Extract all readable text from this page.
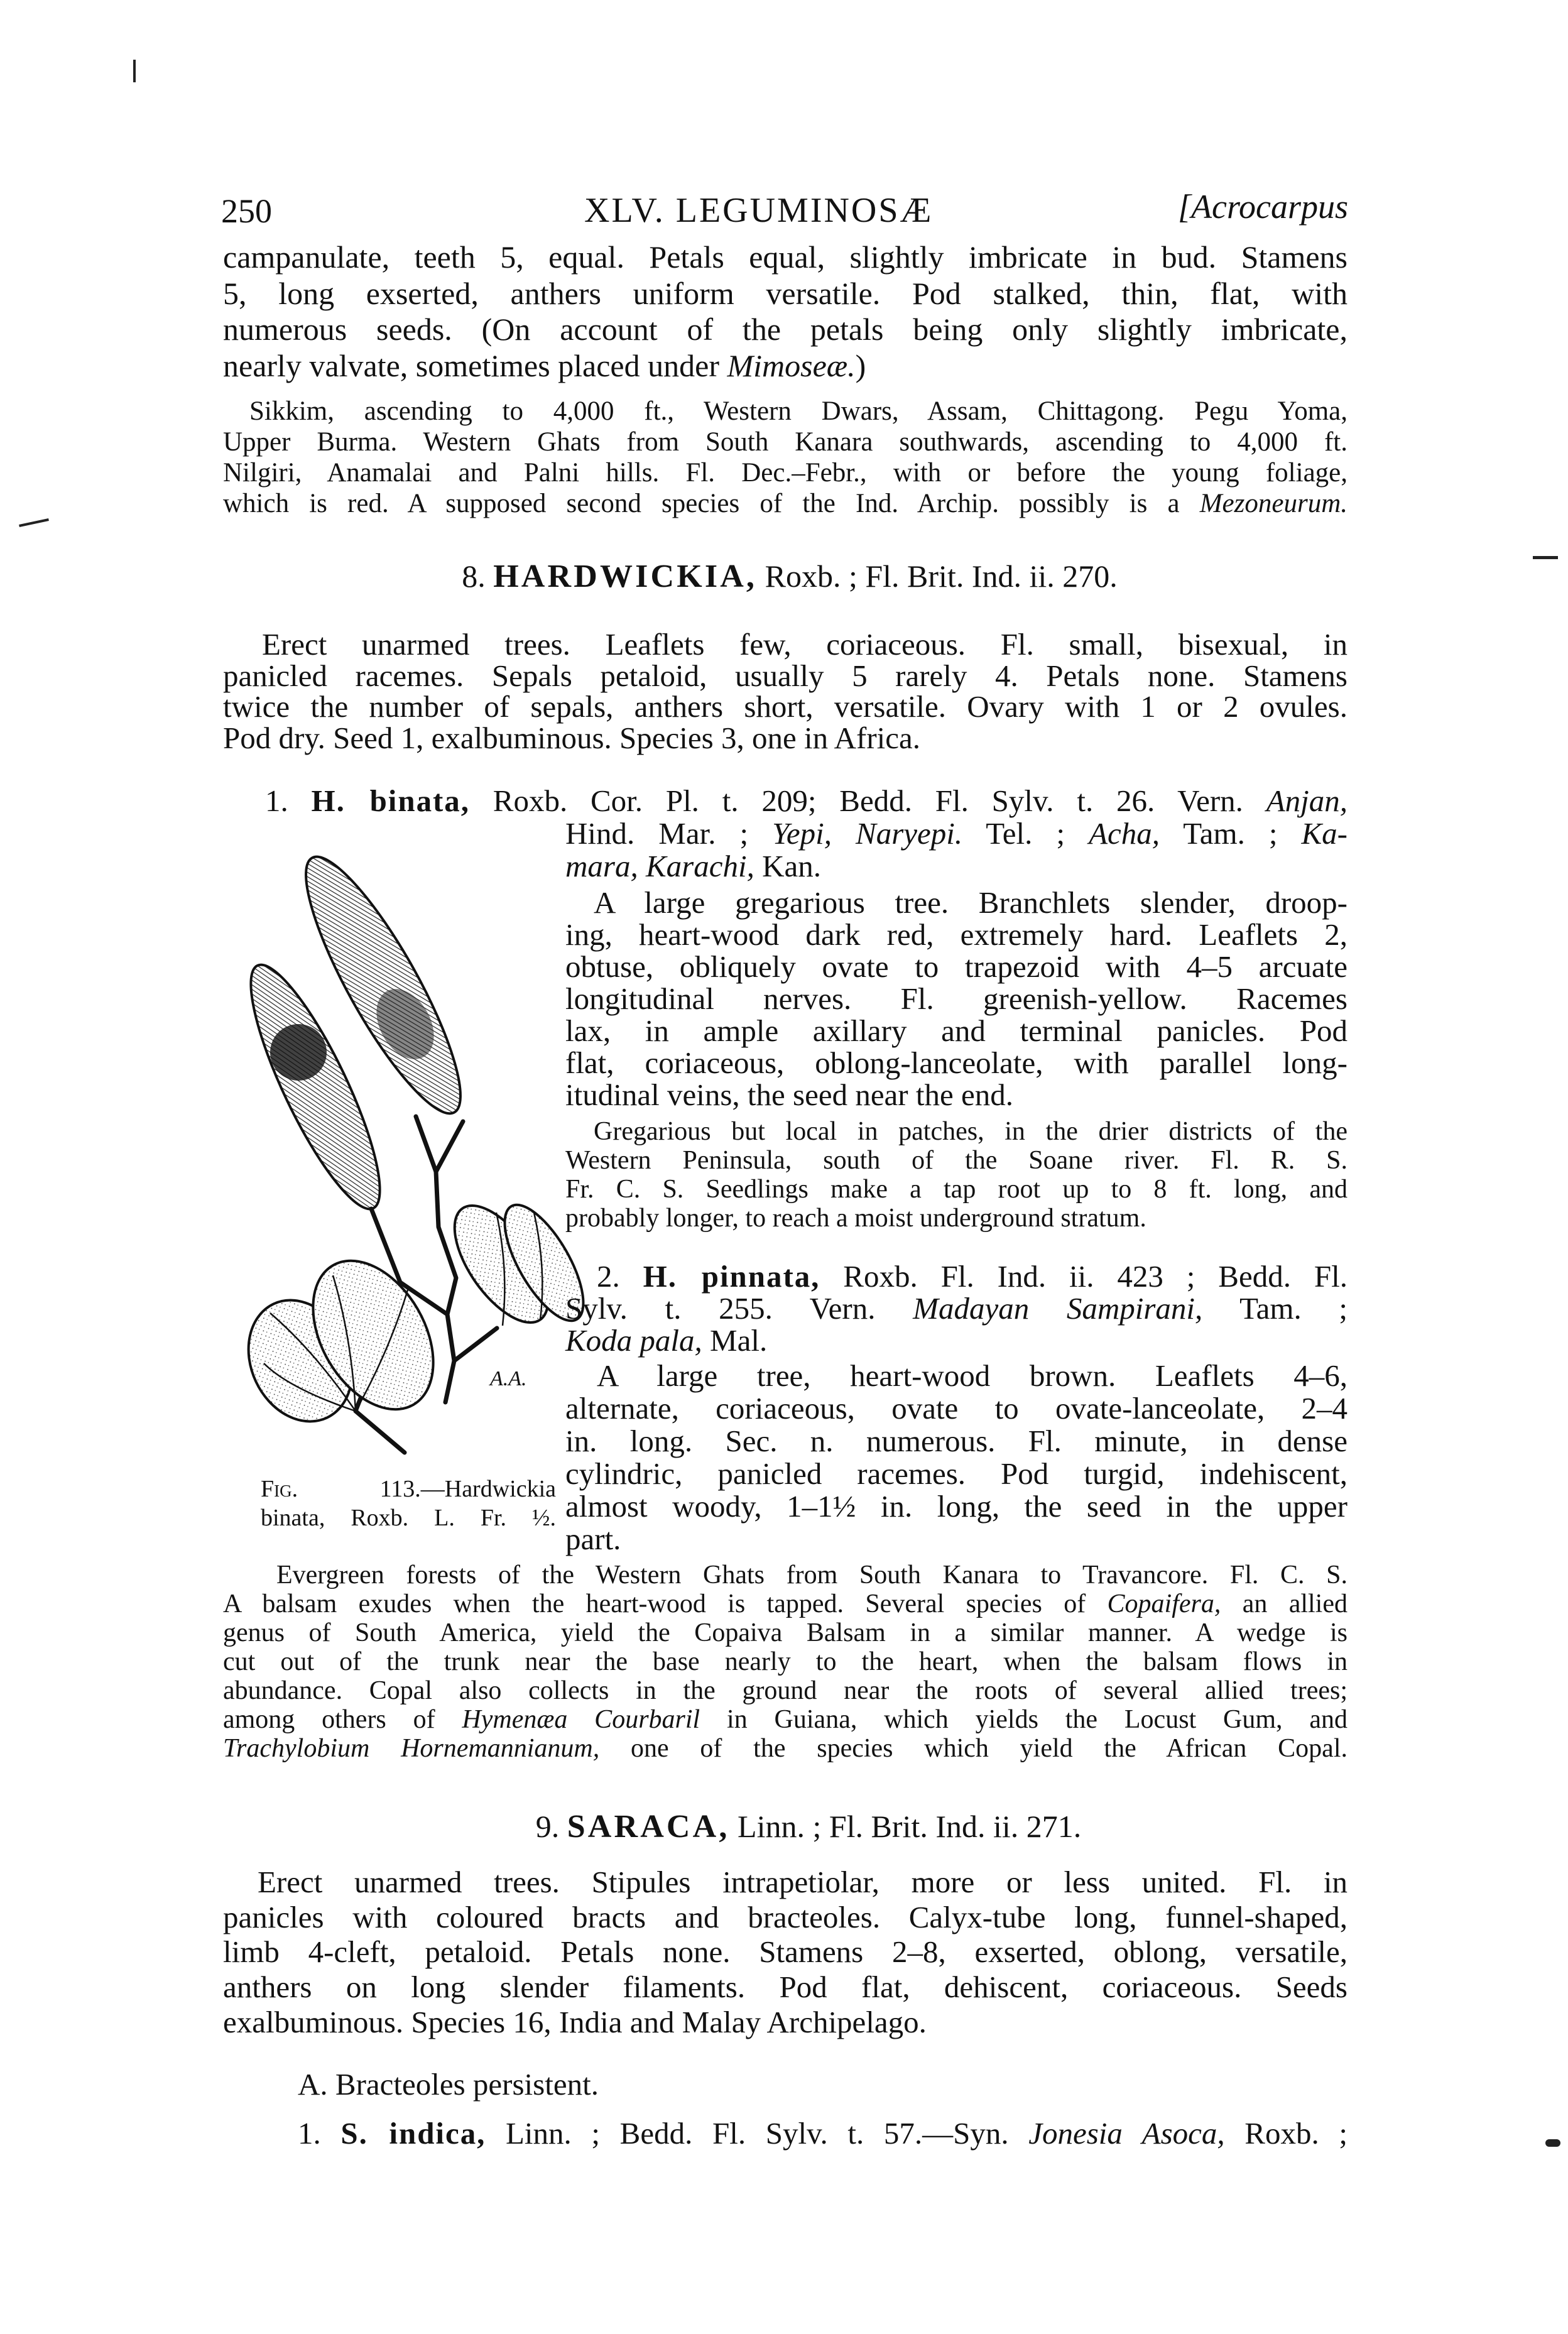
250	XLV. LEGUMINOSÆ	[Acrocarpus
8. HARDWICKIA, Roxb. ; Fl. Brit. Ind. ii. 270.
9. SARACA, Linn. ; Fl. Brit. Ind. ii. 271.
A.A.
campanulate, teeth 5, equal. Petals equal, slightly imbricate in bud. Stamens
5, long exserted, anthers uniform versatile. Pod stalked, thin, flat, with
numerous seeds. (On account of the petals being only slightly imbricate,
nearly valvate, sometimes placed under Mimoseæ.)
Sikkim, ascending to 4,000 ft., Western Dwars, Assam, Chittagong. Pegu Yoma,
Upper Burma. Western Ghats from South Kanara southwards, ascending to 4,000 ft.
Nilgiri, Anamalai and Palni hills. Fl. Dec.–Febr., with or before the young foliage,
which is red. A supposed second species of the Ind. Archip. possibly is a Mezoneurum.
Erect unarmed trees. Leaflets few, coriaceous. Fl. small, bisexual, in
panicled racemes. Sepals petaloid, usually 5 rarely 4. Petals none. Stamens
twice the number of sepals, anthers short, versatile. Ovary with 1 or 2 ovules.
Pod dry. Seed 1, exalbuminous. Species 3, one in Africa.
1. H. binata, Roxb. Cor. Pl. t. 209; Bedd. Fl. Sylv. t. 26. Vern. Anjan,
Hind. Mar. ; Yepi, Naryepi. Tel. ; Acha, Tam. ; Ka-
mara, Karachi, Kan.
A large gregarious tree. Branchlets slender, droop-
ing, heart-wood dark red, extremely hard. Leaflets 2,
obtuse, obliquely ovate to trapezoid with 4–5 arcuate
longitudinal nerves. Fl. greenish-yellow. Racemes
lax, in ample axillary and terminal panicles. Pod
flat, coriaceous, oblong-lanceolate, with parallel long-
itudinal veins, the seed near the end.
Gregarious but local in patches, in the drier districts of the
Western Peninsula, south of the Soane river. Fl. R. S.
Fr. C. S. Seedlings make a tap root up to 8 ft. long, and
probably longer, to reach a moist underground stratum.
2. H. pinnata, Roxb. Fl. Ind. ii. 423 ; Bedd. Fl.
Sylv. t. 255. Vern. Madayan Sampirani, Tam. ;
Koda pala, Mal.
A large tree, heart-wood brown. Leaflets 4–6,
alternate, coriaceous, ovate to ovate-lanceolate, 2–4
in. long. Sec. n. numerous. Fl. minute, in dense
cylindric, panicled racemes. Pod turgid, indehiscent,
almost woody, 1–1½ in. long, the seed in the upper
part.
Fig. 113.—Hardwickia
binata, Roxb. L. Fr. ½.
Evergreen forests of the Western Ghats from South Kanara to Travancore. Fl. C. S.
A balsam exudes when the heart-wood is tapped. Several species of Copaifera, an allied
genus of South America, yield the Copaiva Balsam in a similar manner. A wedge is
cut out of the trunk near the base nearly to the heart, when the balsam flows in
abundance. Copal also collects in the ground near the roots of several allied trees;
among others of Hymenæa Courbaril in Guiana, which yields the Locust Gum, and
Trachylobium Hornemannianum, one of the species which yield the African Copal.
Erect unarmed trees. Stipules intrapetiolar, more or less united. Fl. in
panicles with coloured bracts and bracteoles. Calyx-tube long, funnel-shaped,
limb 4-cleft, petaloid. Petals none. Stamens 2–8, exserted, oblong, versatile,
anthers on long slender filaments. Pod flat, dehiscent, coriaceous. Seeds
exalbuminous. Species 16, India and Malay Archipelago.
A. Bracteoles persistent.
1. S. indica, Linn. ; Bedd. Fl. Sylv. t. 57.—Syn. Jonesia Asoca, Roxb. ;
